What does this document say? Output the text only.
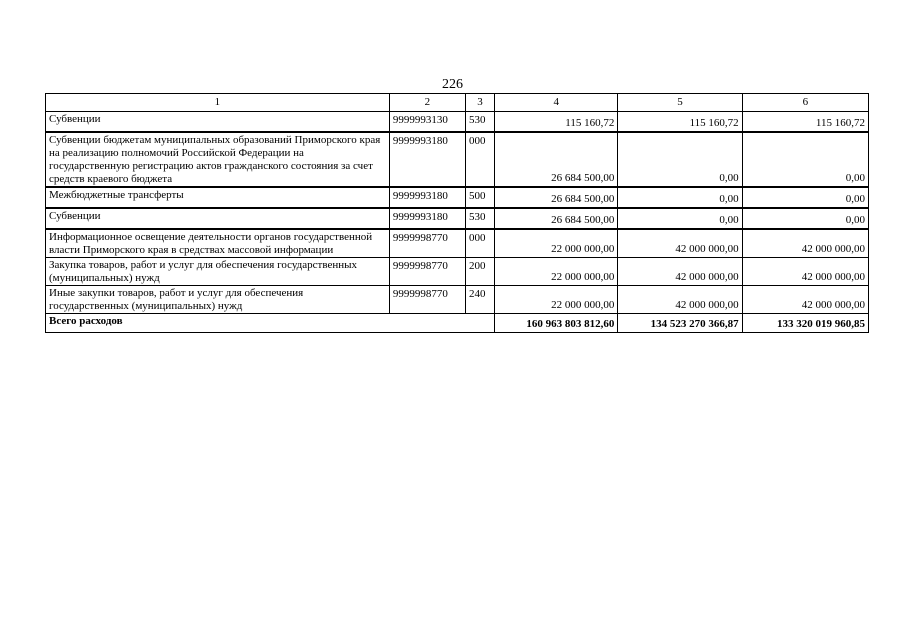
226
1	2	3	4	5	6
Субвенции	9999993130	530	115 160,72	115 160,72	115 160,72
Субвенции бюджетам муниципальных образований Приморского края на реализацию полномочий Российской Федерации на государственную регистрацию актов гражданского состояния за счет средств краевого бюджета	9999993180	000	26 684 500,00	0,00	0,00
Межбюджетные трансферты	9999993180	500	26 684 500,00	0,00	0,00
Субвенции	9999993180	530	26 684 500,00	0,00	0,00
Информационное освещение деятельности органов государственной власти Приморского края в средствах массовой информации	9999998770	000	22 000 000,00	42 000 000,00	42 000 000,00
Закупка товаров, работ и услуг для обеспечения государственных (муниципальных) нужд	9999998770	200	22 000 000,00	42 000 000,00	42 000 000,00
Иные закупки товаров, работ и услуг для обеспечения государственных (муниципальных) нужд	9999998770	240	22 000 000,00	42 000 000,00	42 000 000,00
Всего расходов			160 963 803 812,60	134 523 270 366,87	133 320 019 960,85
